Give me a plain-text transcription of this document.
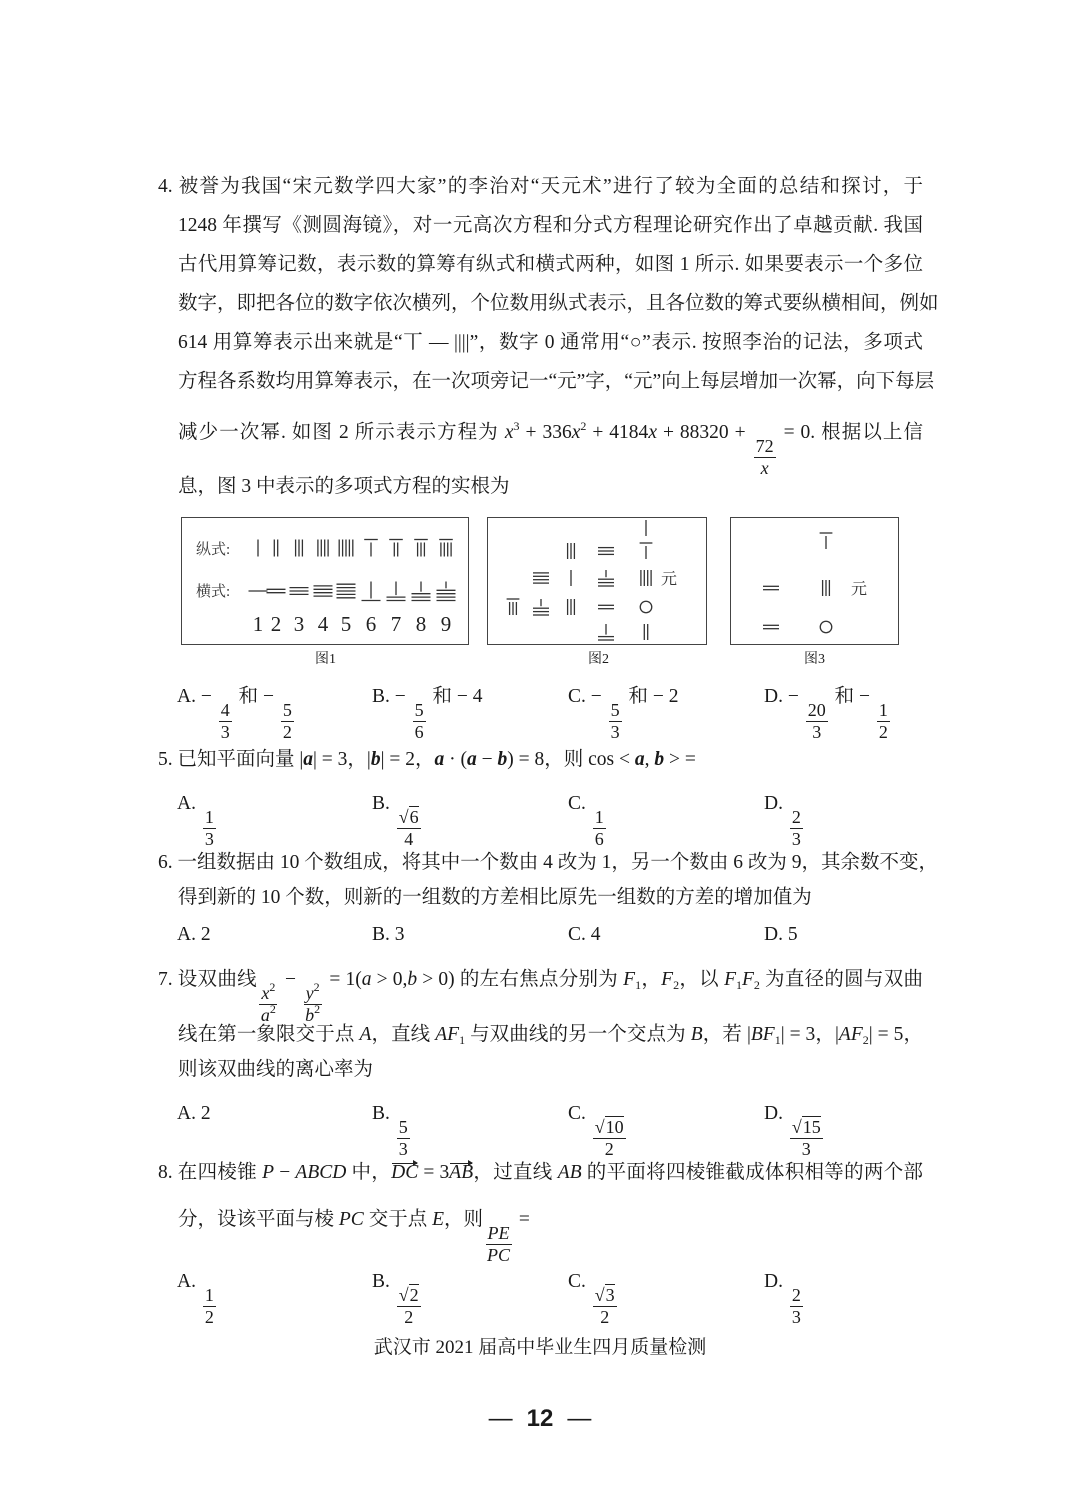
4. 被誉为我国“宋元数学四大家”的李治对“天元术”进行了较为全面的总结和探讨，于
1248 年撰写《测圆海镜》，对一元高次方程和分式方程理论研究作出了卓越贡献. 我国
古代用算筹记数，表示数的算筹有纵式和横式两种，如图 1 所示. 如果要表示一个多位
数字，即把各位的数字依次横列，个位数用纵式表示，且各位数的筹式要纵横相间，例如
614 用算筹表示出来就是“丅 — ||||”，数字 0 通常用“○”表示. 按照李治的记法，多项式
方程各系数均用算筹表示，在一次项旁记一“元”字，“元”向上每层增加一次幂，向下每层
减少一次幂. 如图 2 所示表示方程为 $x^3 + 336x^2 + 4184x + 88320$ +
$\frac{72}{x}$
= 0. 根据以上信
息，图 3 中表示的多项式方程的实根为
纵式:
横式:
1 2 3 4 5 6 7 8 9
图1
元
图2
元
图3
A. −
$\frac{4}{3}$
和 −
$\frac{5}{2}$
B. −
$\frac{5}{6}$
和 − 4	C. −
$\frac{5}{3}$
和 − 2	D. −
$\frac{20}{3}$
和 −
$\frac{1}{2}$
5. 已知平面向量 |a| = 3，|b| = 2，a · (a − b) = 8，则 cos < a, b > =
A.
$\frac{1}{3}$
B.
$\frac{√6}{4}$
C.
$\frac{1}{6}$
D.
$\frac{2}{3}$
6. 一组数据由 10 个数组成，将其中一个数由 4 改为 1，另一个数由 6 改为 9，其余数不变，
得到新的 10 个数，则新的一组数的方差相比原先一组数的方差的增加值为
A. 2	B. 3	C. 4	D. 5
7. 设双曲线
$\frac{x^2}{a^2}$
−
$\frac{y^2}{b^2}$
= 1(a > 0,b > 0) 的左右焦点分别为 $F_1$，$F_2$，以 $F_1F_2$ 为直径的圆与双曲
线在第一象限交于点 A，直线 $AF_1$ 与双曲线的另一个交点为 B，若 $|BF_1| = 3$，$|AF_2| = 5$，
则该双曲线的离心率为
A. 2	B.
$\frac{5}{3}$
C.
$\frac{√10}{2}$
D.
$\frac{√15}{3}$
8. 在四棱锥 P − ABCD 中，DC = 3AB，过直线 AB 的平面将四棱锥截成体积相等的两个部
分，设该平面与棱 PC 交于点 E，则
$\frac{PE}{PC}$
=
A.
$\frac{1}{2}$
B.
$\frac{√2}{2}$
C.
$\frac{√3}{2}$
D.
$\frac{2}{3}$
武汉市 2021 届高中毕业生四月质量检测
— 12 —
